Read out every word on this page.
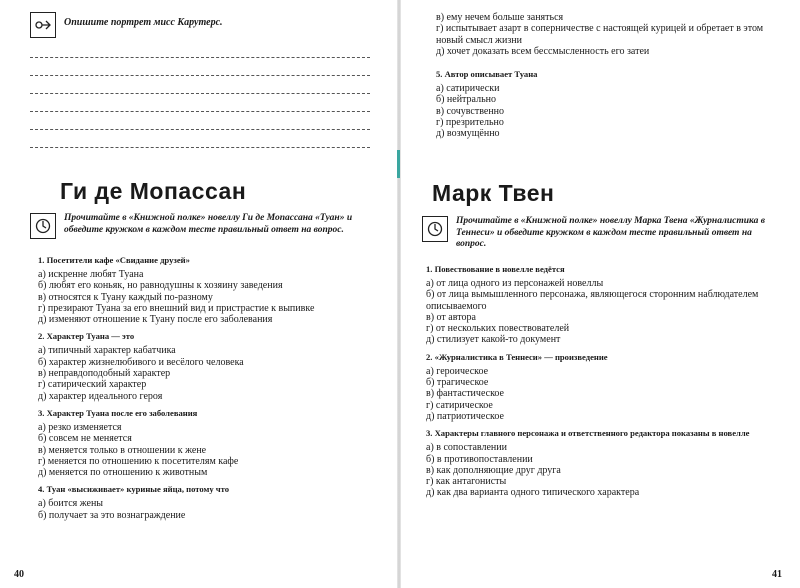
Опишите портрет мисс Карутерс.
Ги де Мопассан
Прочитайте в «Книжной полке» новеллу Ги де Мопассана «Туан» и обведите кружком в каждом тесте правильный ответ на вопрос.
1. Посетители кафе «Свидание друзей»
а) искренне любят Туана
б) любят его коньяк, но равнодушны к хозяину заведения
в) относятся к Туану каждый по-разному
г) презирают Туана за его внешний вид и пристрастие к выпивке
д) изменяют отношение к Туану после его заболевания
2. Характер Туана — это
а) типичный характер кабатчика
б) характер жизнелюбивого и весёлого человека
в) неправдоподобный характер
г) сатирический характер
д) характер идеального героя
3. Характер Туана после его заболевания
а) резко изменяется
б) совсем не меняется
в) меняется только в отношении к жене
г) меняется по отношению к посетителям кафе
д) меняется по отношению к животным
4. Туан «высиживает» куриные яйца, потому что
а) боится жены
б) получает за это вознаграждение
40
в) ему нечем больше заняться
г) испытывает азарт в соперничестве с настоящей курицей и обретает в этом новый смысл жизни
д) хочет доказать всем бессмысленность его затеи
5. Автор описывает Туана
а) сатирически
б) нейтрально
в) сочувственно
г) презрительно
д) возмущённо
Марк Твен
Прочитайте в «Книжной полке» новеллу Марка Твена «Журналистика в Теннеси» и обведите кружком в каждом тесте правильный ответ на вопрос.
1. Повествование в новелле ведётся
а) от лица одного из персонажей новеллы
б) от лица вымышленного персонажа, являющегося сторонним наблюдателем описываемого
в) от автора
г) от нескольких повествователей
д) стилизует какой-то документ
2. «Журналистика в Теннеси» — произведение
а) героическое
б) трагическое
в) фантастическое
г) сатирическое
д) патриотическое
3. Характеры главного персонажа и ответственного редактора показаны в новелле
а) в сопоставлении
б) в противопоставлении
в) как дополняющие друг друга
г) как антагонисты
д) как два варианта одного типического характера
41
